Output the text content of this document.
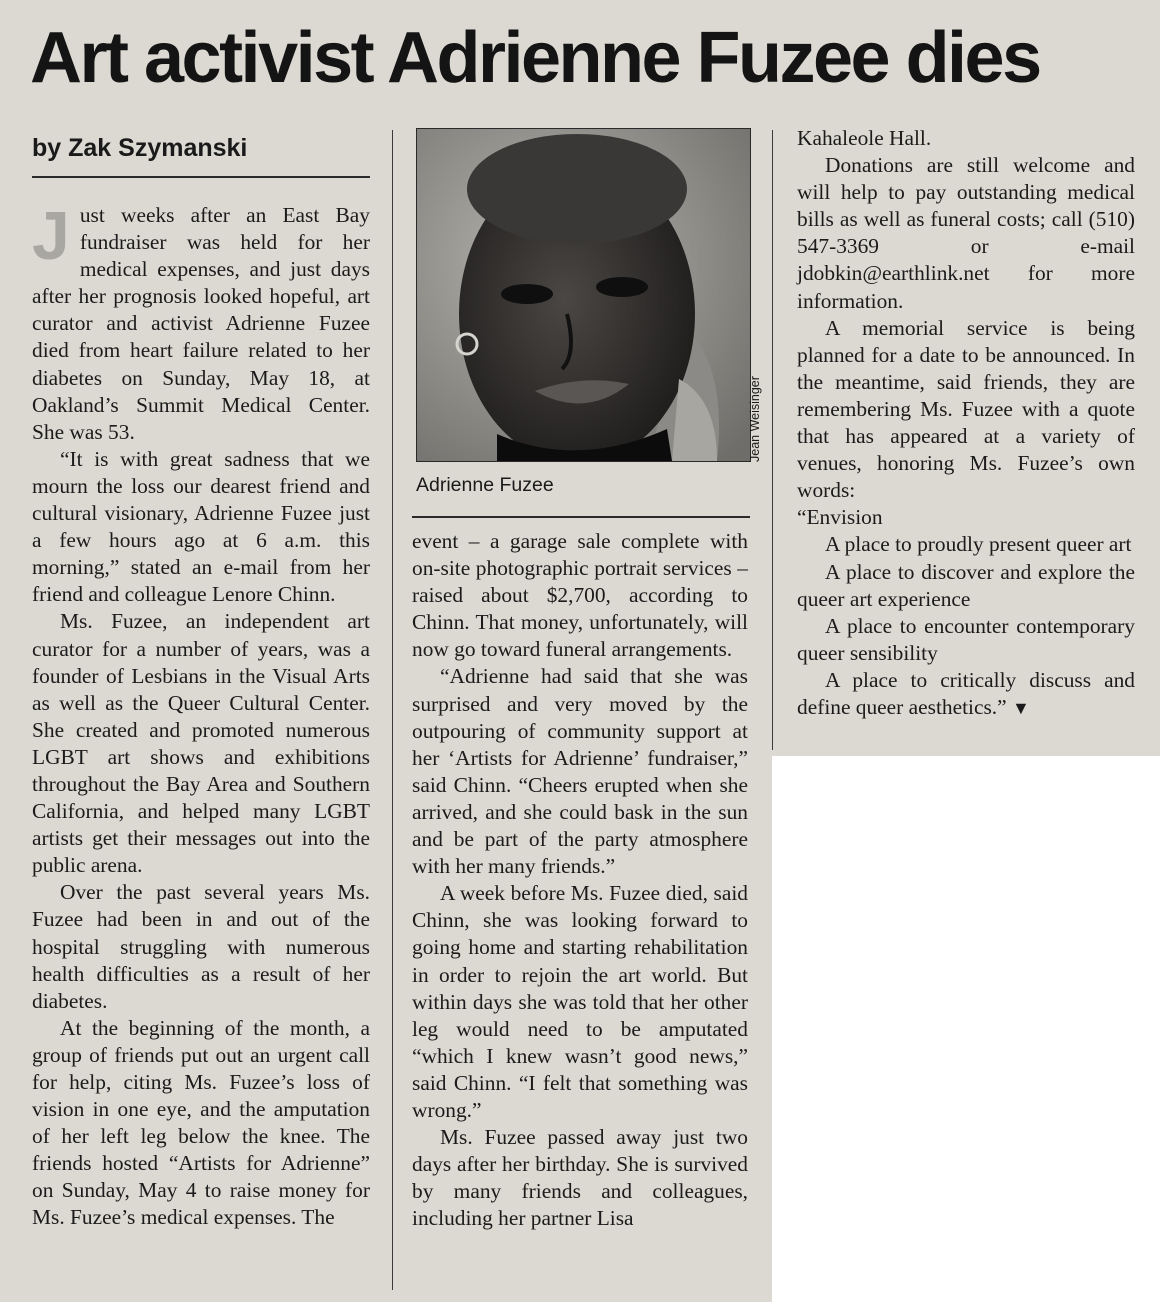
Art activist Adrienne Fuzee dies
by Zak Szymanski

Just weeks after an East Bay fundraiser was held for her medical expenses, and just days after her prognosis looked hopeful, art curator and activist Adrienne Fuzee died from heart failure related to her diabetes on Sunday, May 18, at Oakland’s Summit Medical Center. She was 53.

“It is with great sadness that we mourn the loss our dearest friend and cultural visionary, Adrienne Fuzee just a few hours ago at 6 a.m. this morning,” stated an e-mail from her friend and colleague Lenore Chinn.

Ms. Fuzee, an independent art curator for a number of years, was a founder of Lesbians in the Visual Arts as well as the Queer Cultural Center. She created and promoted numerous LGBT art shows and exhibitions throughout the Bay Area and Southern California, and helped many LGBT artists get their messages out into the public arena.

Over the past several years Ms. Fuzee had been in and out of the hospital struggling with numerous health difficulties as a result of her diabetes.

At the beginning of the month, a group of friends put out an urgent call for help, citing Ms. Fuzee’s loss of vision in one eye, and the amputation of her left leg below the knee. The friends hosted “Artists for Adrienne” on Sunday, May 4 to raise money for Ms. Fuzee’s medical expenses. The

Jean Weisinger
Adrienne Fuzee

event – a garage sale complete with on-site photographic portrait services – raised about $2,700, according to Chinn. That money, unfortunately, will now go toward funeral arrangements.

“Adrienne had said that she was surprised and very moved by the outpouring of community support at her ‘Artists for Adrienne’ fundraiser,” said Chinn. “Cheers erupted when she arrived, and she could bask in the sun and be part of the party atmosphere with her many friends.”

A week before Ms. Fuzee died, said Chinn, she was looking forward to going home and starting rehabilitation in order to rejoin the art world. But within days she was told that her other leg would need to be amputated “which I knew wasn’t good news,” said Chinn. “I felt that something was wrong.”

Ms. Fuzee passed away just two days after her birthday. She is survived by many friends and colleagues, including her partner Lisa

Kahaleole Hall.

Donations are still welcome and will help to pay outstanding medical bills as well as funeral costs; call (510) 547-3369 or e-mail jdobkin@earthlink.net for more information.

A memorial service is being planned for a date to be announced. In the meantime, said friends, they are remembering Ms. Fuzee with a quote that has appeared at a variety of venues, honoring Ms. Fuzee’s own words:

“Envision

A place to proudly present queer art

A place to discover and explore the queer art experience

A place to encounter contemporary queer sensibility

A place to critically discuss and define queer aesthetics.” ▼
